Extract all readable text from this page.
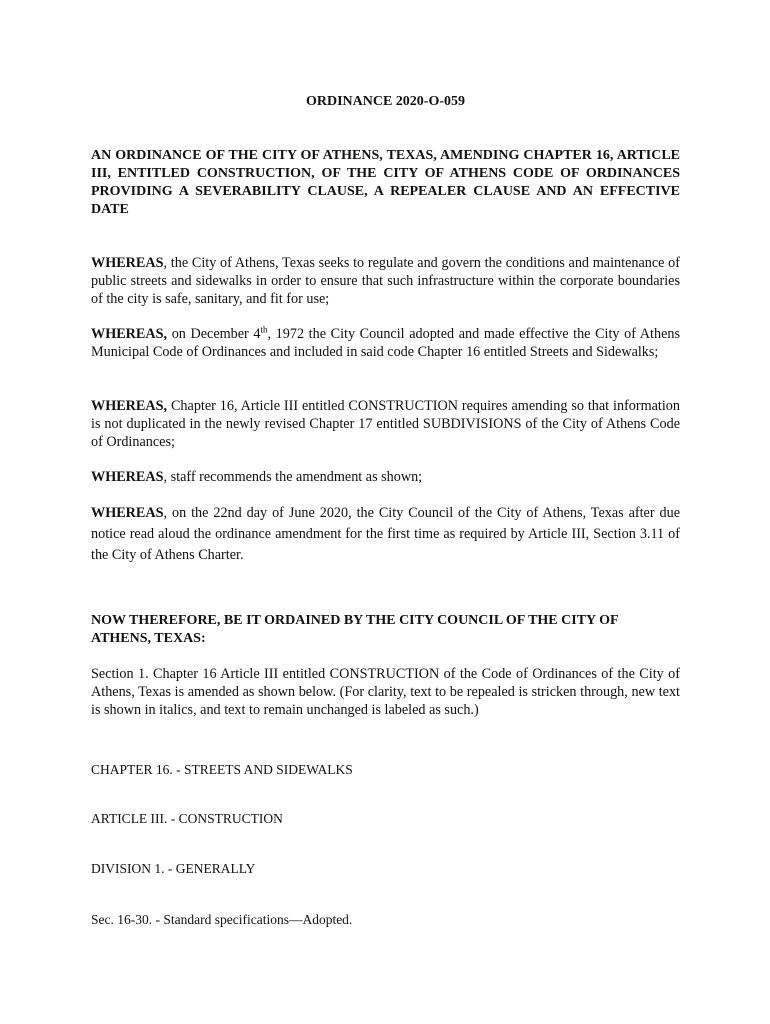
ORDINANCE 2020-O-059
AN ORDINANCE OF THE CITY OF ATHENS, TEXAS, AMENDING CHAPTER 16, ARTICLE III, ENTITLED CONSTRUCTION, OF THE CITY OF ATHENS CODE OF ORDINANCES PROVIDING A SEVERABILITY CLAUSE, A REPEALER CLAUSE AND AN EFFECTIVE DATE
WHEREAS, the City of Athens, Texas seeks to regulate and govern the conditions and maintenance of public streets and sidewalks in order to ensure that such infrastructure within the corporate boundaries of the city is safe, sanitary, and fit for use;
WHEREAS, on December 4th, 1972 the City Council adopted and made effective the City of Athens Municipal Code of Ordinances and included in said code Chapter 16 entitled Streets and Sidewalks;
WHEREAS, Chapter 16, Article III entitled CONSTRUCTION requires amending so that information is not duplicated in the newly revised Chapter 17 entitled SUBDIVISIONS of the City of Athens Code of Ordinances;
WHEREAS, staff recommends the amendment as shown;
WHEREAS, on the 22nd day of June 2020, the City Council of the City of Athens, Texas after due notice read aloud the ordinance amendment for the first time as required by Article III, Section 3.11 of the City of Athens Charter.
NOW THEREFORE, BE IT ORDAINED BY THE CITY COUNCIL OF THE CITY OF ATHENS, TEXAS:
Section 1. Chapter 16 Article III entitled CONSTRUCTION of the Code of Ordinances of the City of Athens, Texas is amended as shown below. (For clarity, text to be repealed is stricken through, new text is shown in italics, and text to remain unchanged is labeled as such.)
CHAPTER 16. - STREETS AND SIDEWALKS
ARTICLE III. - CONSTRUCTION
DIVISION 1. - GENERALLY
Sec. 16-30. - Standard specifications—Adopted.
